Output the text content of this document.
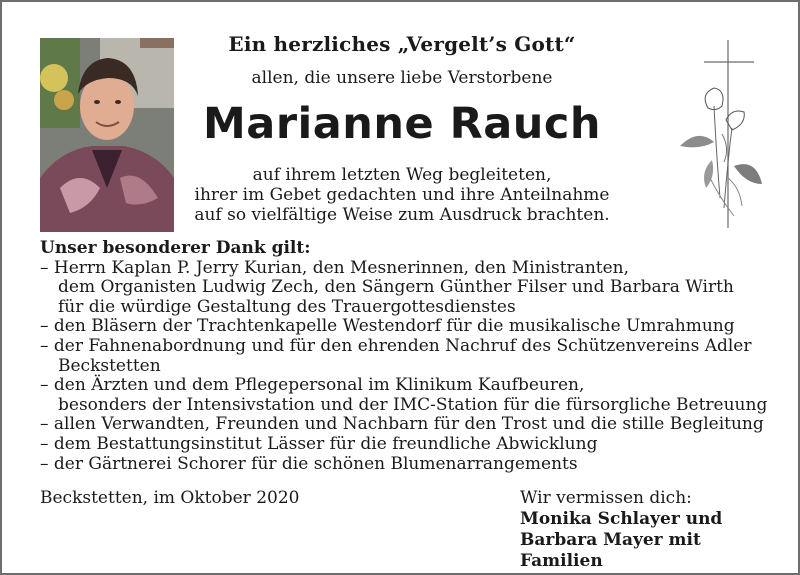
Ein herzliches „Vergelt’s Gott“
allen, die unsere liebe Verstorbene
Marianne Rauch
auf ihrem letzten Weg begleiteten,
ihrer im Gebet gedachten und ihre Anteilnahme
auf so vielfältige Weise zum Ausdruck brachten.
Unser besonderer Dank gilt:
– Herrn Kaplan P. Jerry Kurian, den Mesnerinnen, den Ministranten,
dem Organisten Ludwig Zech, den Sängern Günther Filser und Barbara Wirth
für die würdige Gestaltung des Trauergottesdienstes
– den Bläsern der Trachtenkapelle Westendorf für die musikalische Umrahmung
– der Fahnenabordnung und für den ehrenden Nachruf des Schützenvereins Adler
Beckstetten
– den Ärzten und dem Pflegepersonal im Klinikum Kaufbeuren,
besonders der Intensivstation und der IMC-Station für die fürsorgliche Betreuung
– allen Verwandten, Freunden und Nachbarn für den Trost und die stille Begleitung
– dem Bestattungsinstitut Lässer für die freundliche Abwicklung
– der Gärtnerei Schorer für die schönen Blumenarrangements
Beckstetten, im Oktober 2020	Wir vermissen dich:
Monika Schlayer und
Barbara Mayer mit Familien
